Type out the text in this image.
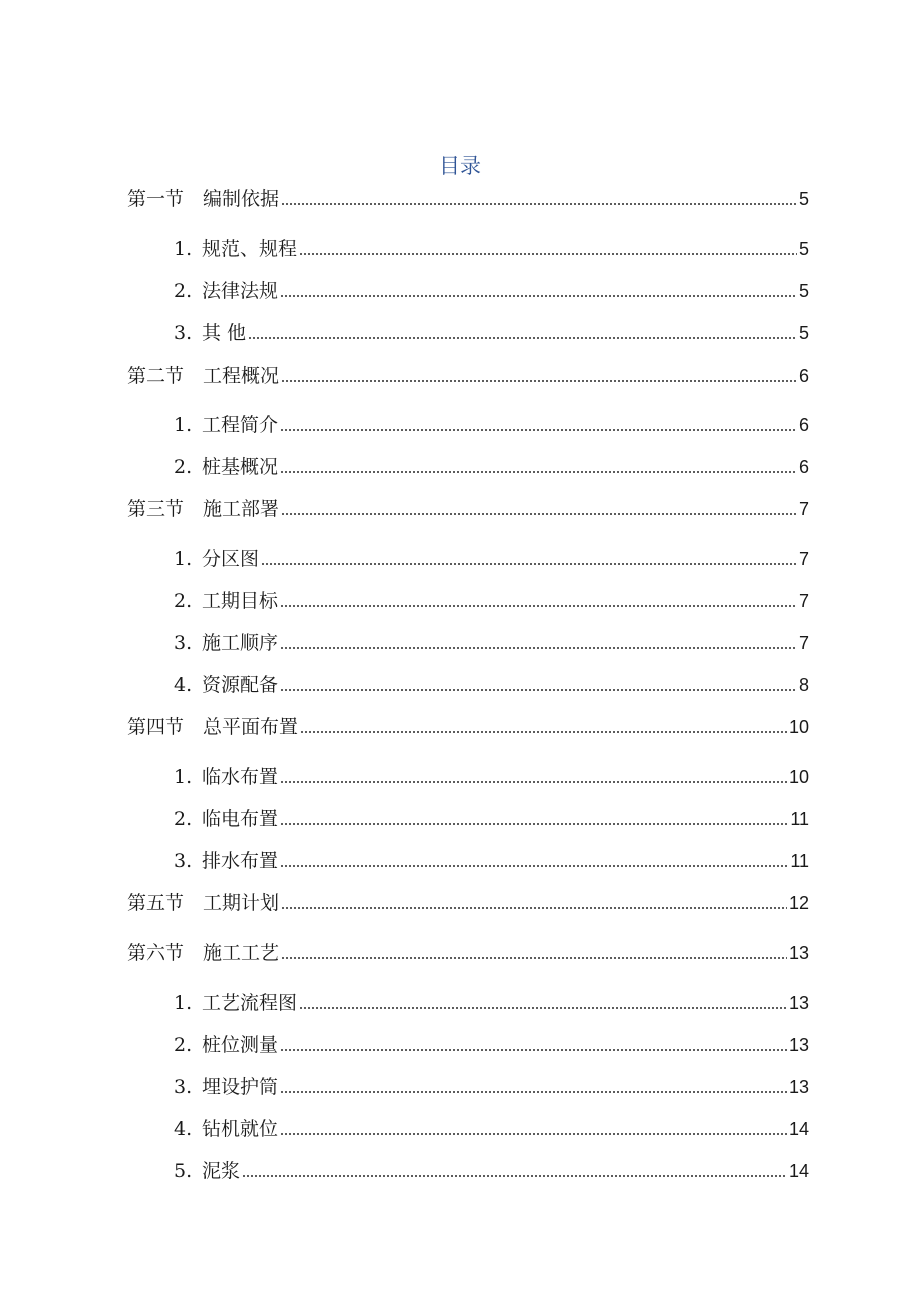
目录
第一节 编制依据	5
1. 规范、规程	5
2. 法律法规	5
3. 其 他	5
第二节 工程概况	6
1. 工程简介	6
2. 桩基概况	6
第三节 施工部署	7
1. 分区图	7
2. 工期目标	7
3. 施工顺序	7
4. 资源配备	8
第四节 总平面布置	10
1. 临水布置	10
2. 临电布置	11
3. 排水布置	11
第五节 工期计划	12
第六节 施工工艺	13
1. 工艺流程图	13
2. 桩位测量	13
3. 埋设护筒	13
4. 钻机就位	14
5. 泥浆	14
